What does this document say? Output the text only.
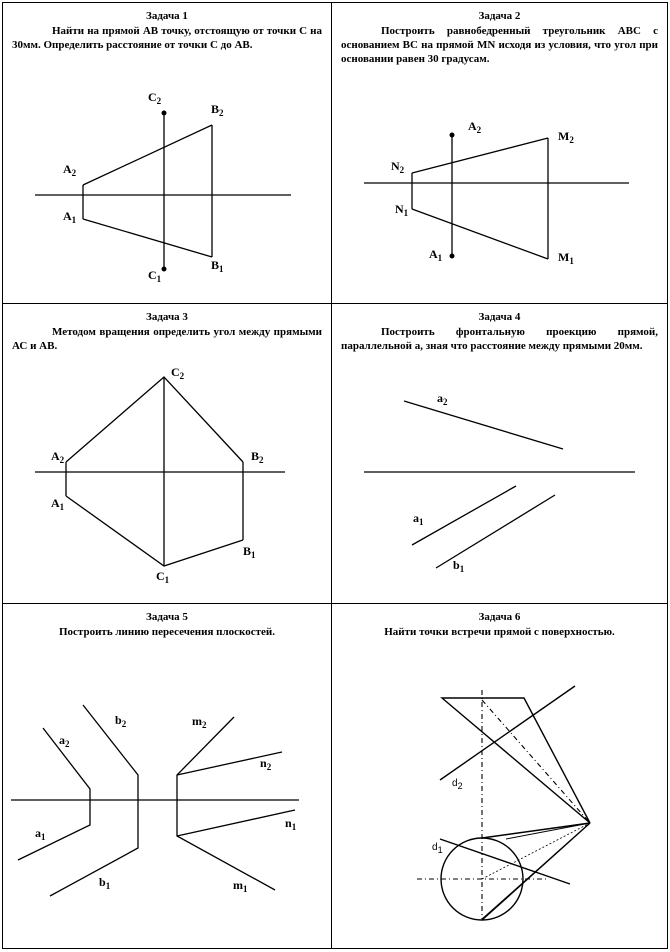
Задача 1
Найти на прямой АВ точку, отстоящую от точки С на 30мм. Определить расстояние от точки С до АВ.
$C_2$
$B_2$
$A_2$
$A_1$
$C_1$
$B_1$
Задача 2
Построить равнобедренный треугольник АВС с основанием ВС на прямой МN исходя из условия, что угол при основании равен 30 градусам.
$A_2$	$M_2$
$N_2$
$N_1$
$A_1$	$M_1$
Задача 3
Методом вращения определить угол между прямыми АС и АВ.
$C_2$
$A_2$	$B_2$
$A_1$
$B_1$
$C_1$
Задача 4
Построить фронтальную проекцию прямой, параллельной а, зная что расстояние между прямыми 20мм.
$a_2$
$a_1$
$b_1$
Задача 5
Построить линию пересечения плоскостей.
$a_2$
$b_2$	$m_2$
$n_2$
$a_1$
$n_1$
$b_1$	$m_1$
Задача 6
Найти точки встречи прямой с поверхностью.
d2
d1
